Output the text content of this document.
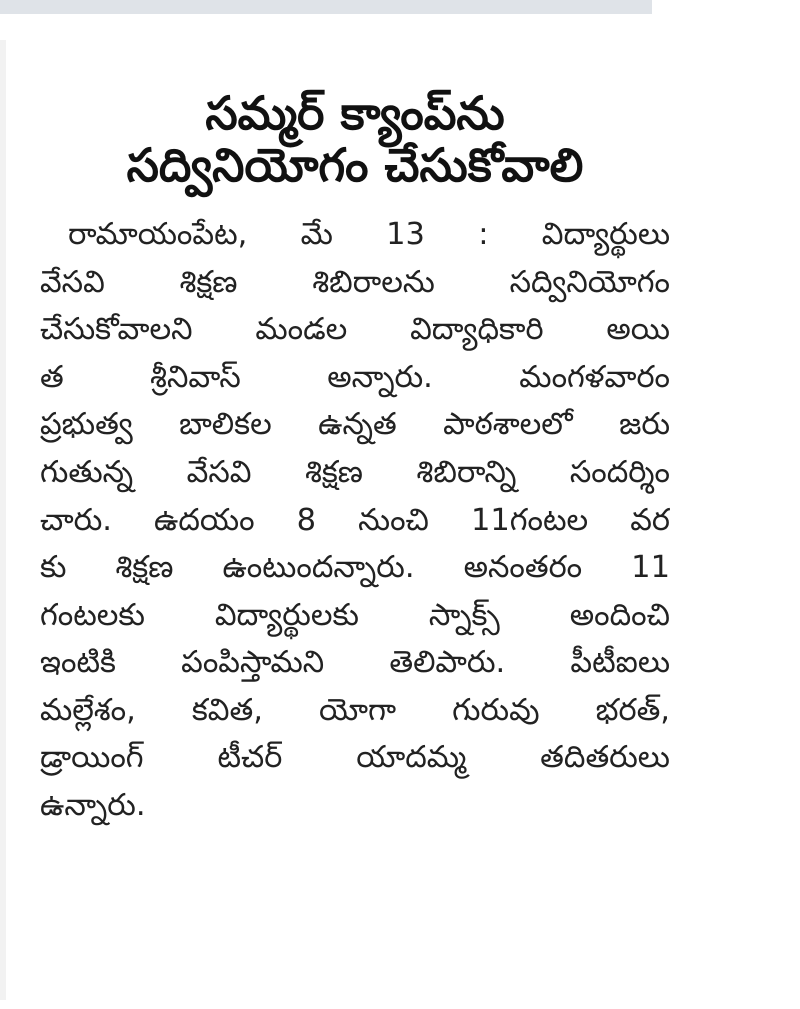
సమ్మర్ క్యాంప్‌ను
సద్వినియోగం చేసుకోవాలి
రామాయంపేట, మే 13 : విద్యార్థులు
వేసవి శిక్షణ శిబిరాలను సద్వినియోగం
చేసుకోవాలని మండల విద్యాధికారి అయి
త శ్రీనివాస్ అన్నారు. మంగళవారం
ప్రభుత్వ బాలికల ఉన్నత పాఠశాలలో జరు
గుతున్న వేసవి శిక్షణ శిబిరాన్ని సందర్శిం
చారు. ఉదయం 8 నుంచి 11గంటల వర
కు శిక్షణ ఉంటుందన్నారు. అనంతరం 11
గంటలకు విద్యార్థులకు స్నాక్స్ అందించి
ఇంటికి పంపిస్తామని తెలిపారు. పీటీఐలు
మల్లేశం, కవిత, యోగా గురువు భరత్,
డ్రాయింగ్ టీచర్ యాదమ్మ తదితరులు
ఉన్నారు.
